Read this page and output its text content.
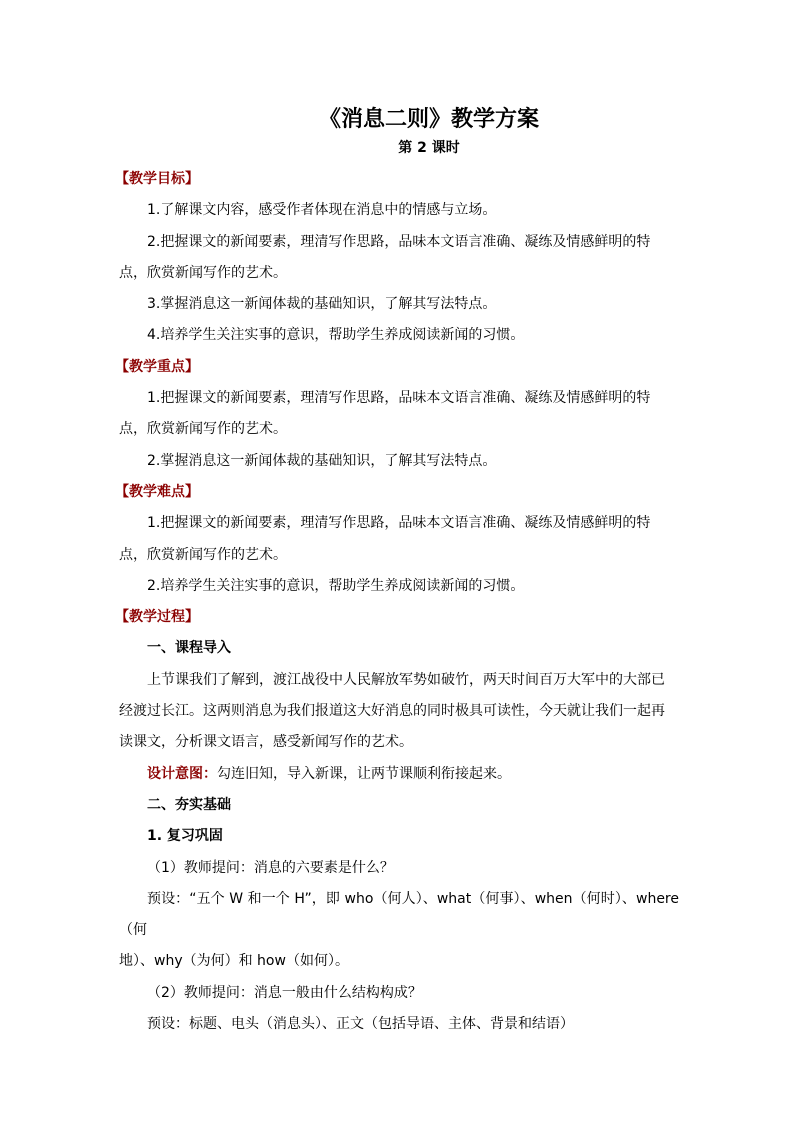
《消息二则》教学方案
第 2 课时
【教学目标】
1.了解课文内容，感受作者体现在消息中的情感与立场。
2.把握课文的新闻要素，理清写作思路，品味本文语言准确、凝练及情感鲜明的特
点，欣赏新闻写作的艺术。
3.掌握消息这一新闻体裁的基础知识，了解其写法特点。
4.培养学生关注实事的意识，帮助学生养成阅读新闻的习惯。
【教学重点】
1.把握课文的新闻要素，理清写作思路，品味本文语言准确、凝练及情感鲜明的特
点，欣赏新闻写作的艺术。
2.掌握消息这一新闻体裁的基础知识，了解其写法特点。
【教学难点】
1.把握课文的新闻要素，理清写作思路，品味本文语言准确、凝练及情感鲜明的特
点，欣赏新闻写作的艺术。
2.培养学生关注实事的意识，帮助学生养成阅读新闻的习惯。
【教学过程】
一、课程导入
上节课我们了解到，渡江战役中人民解放军势如破竹，两天时间百万大军中的大部已
经渡过长江。这两则消息为我们报道这大好消息的同时极具可读性，今天就让我们一起再
读课文，分析课文语言，感受新闻写作的艺术。
设计意图：勾连旧知，导入新课，让两节课顺利衔接起来。
二、夯实基础
1. 复习巩固
（1）教师提问：消息的六要素是什么？
预设：“五个 W 和一个 H”，即 who（何人）、what（何事）、when（何时）、where（何
地）、why（为何）和 how（如何）。
（2）教师提问：消息一般由什么结构构成？
预设：标题、电头（消息头）、正文（包括导语、主体、背景和结语）
